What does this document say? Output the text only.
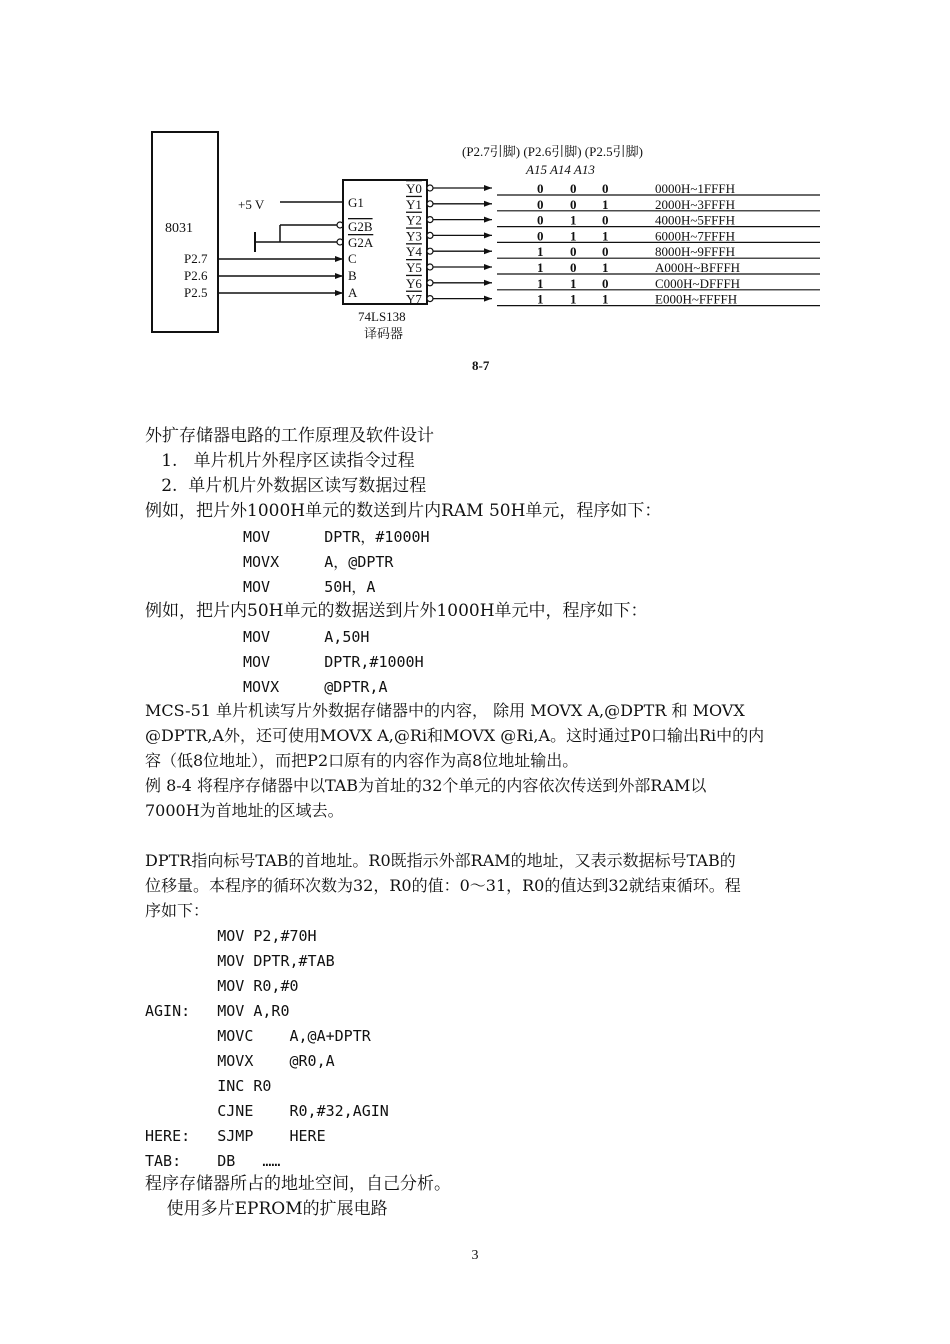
8031
P2.7
P2.6
P2.5
+5 V	G1
G2B
G2A
C
B
A
Y0	0 0 0	0000H~1FFFH
Y1	0 0 1	2000H~3FFFH
Y2	0 1 0	4000H~5FFFH
Y3	0 1 1	6000H~7FFFH
Y4	1 0 0	8000H~9FFFH
Y5	1 0 1	A000H~BFFFH
Y6	1 1 0	C000H~DFFFH
Y7	1 1 1	E000H~FFFFH
(P2.7引脚) (P2.6引脚) (P2.5引脚)
A15 A14 A13
74LS138
译码器
8-7
外扩存储器电路的工作原理及软件设计
1.   单片机片外程序区读指令过程
2.  单片机片外数据区读写数据过程
例如，把片外1000H单元的数送到片内RAM 50H单元，程序如下：
MOV      DPTR，#1000H
MOVX     A，@DPTR
MOV      50H，A
例如，把片内50H单元的数据送到片外1000H单元中，程序如下：
MOV      A,50H
MOV      DPTR,#1000H
MOVX     @DPTR,A
MCS-51 单片机读写片外数据存储器中的内容， 除用 MOVX A,@DPTR 和 MOVX
@DPTR,A外，还可使用MOVX A,@Ri和MOVX @Ri,A。这时通过P0口输出Ri中的内
容（低8位地址），而把P2口原有的内容作为高8位地址输出。
例 8-4 将程序存储器中以TAB为首址的32个单元的内容依次传送到外部RAM以
7000H为首地址的区域去。
DPTR指向标号TAB的首地址。R0既指示外部RAM的地址，又表示数据标号TAB的
位移量。本程序的循环次数为32，R0的值：0～31，R0的值达到32就结束循环。程
序如下：
MOV P2,#70H
MOV DPTR,#TAB
MOV R0,#0
AGIN:   MOV A,R0
MOVC    A,@A+DPTR
MOVX    @R0,A
INC R0
CJNE    R0,#32,AGIN
HERE:   SJMP    HERE
TAB:    DB   ……
程序存储器所占的地址空间，自己分析。
使用多片EPROM的扩展电路
3
